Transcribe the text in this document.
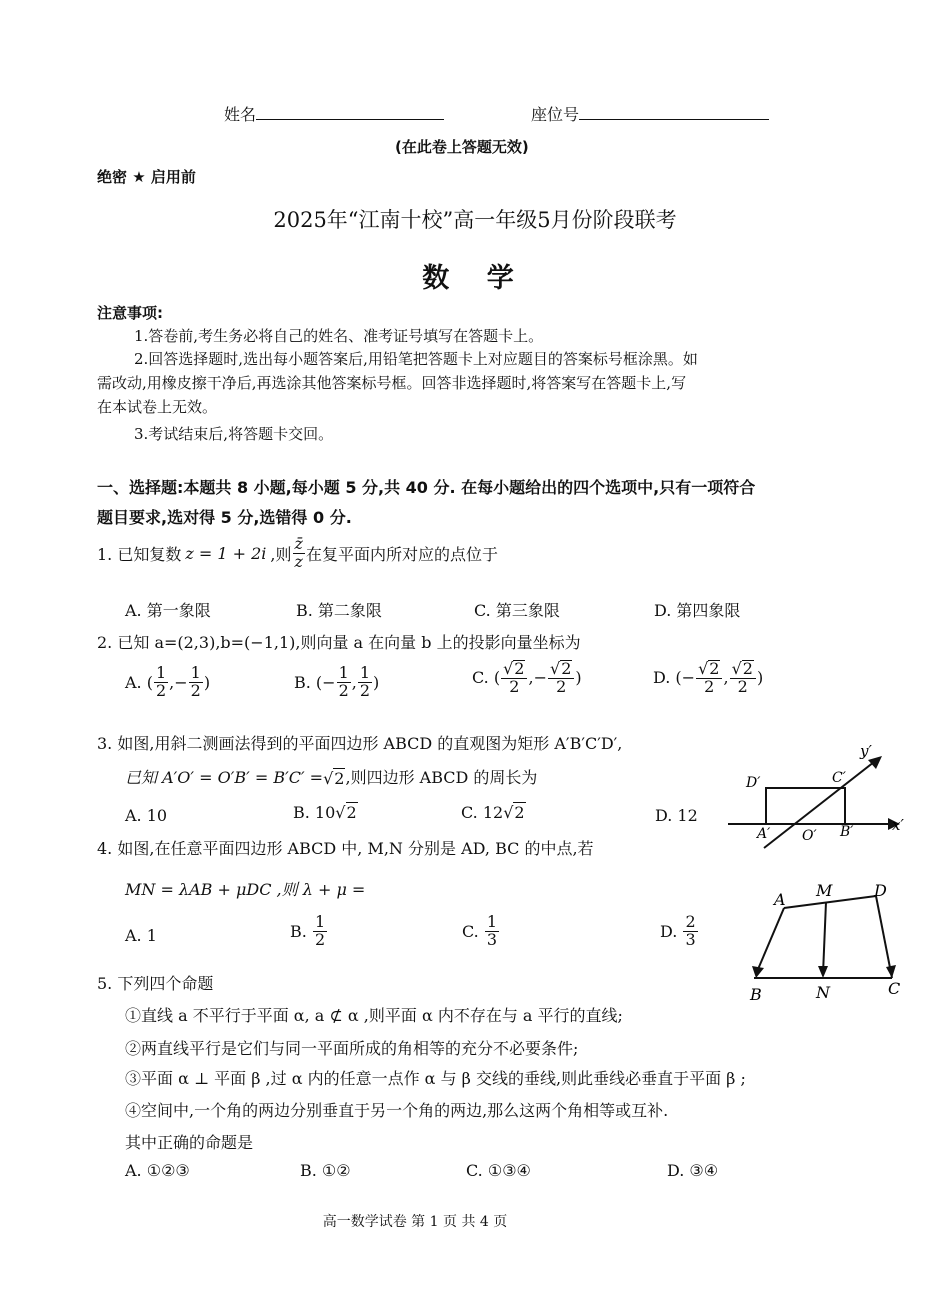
姓名	座位号
(在此卷上答题无效)
绝密 ★ 启用前
2025年“江南十校”高一年级5月份阶段联考
数 学
注意事项:
1.答卷前,考生务必将自己的姓名、准考证号填写在答题卡上。
2.回答选择题时,选出每小题答案后,用铅笔把答题卡上对应题目的答案标号框涂黑。如
需改动,用橡皮擦干净后,再选涂其他答案标号框。回答非选择题时,将答案写在答题卡上,写
在本试卷上无效。
3.考试结束后,将答题卡交回。
一、选择题:本题共 8 小题,每小题 5 分,共 40 分. 在每小题给出的四个选项中,只有一项符合
题目要求,选对得 5 分,选错得 0 分.
1. 已知复数 z = 1 + 2i ,则 $\frac{z̄}{z}$ 在复平面内所对应的点位于
A. 第一象限	B. 第二象限	C. 第三象限	D. 第四象限
2. 已知 a=(2,3),b=(−1,1),则向量 a 在向量 b 上的投影向量坐标为
A. ( $\frac{1}{2}$ , − $\frac{1}{2}$ )	B. ( − $\frac{1}{2}$ , $\frac{1}{2}$ )	C. ( $\frac{√ 2}{2}$ , − $\frac{√ 2}{2}$ )	D. ( − $\frac{√ 2}{2}$ , $\frac{√ 2}{2}$ )
3. 如图,用斜二测画法得到的平面四边形 ABCD 的直观图为矩形 A′B′C′D′,
已知 A′O′ = O′B′ = B′C′ = √ 2 ,则四边形 ABCD 的周长为
A. 10	B. 10 √ 2	C. 12 √ 2	D. 12
y′
x′
D′	C′
A′ O′ B′
4. 如图,在任意平面四边形 ABCD 中, M,N 分别是 AD, BC 的中点,若
MN = λAB + μDC ,则 λ + μ =
A. 1	B.
$\frac{1}{2}$	C.
$\frac{1}{3}$	D.
$\frac{2}{3}$
A M	D
B	N	C
5. 下列四个命题
①直线 a 不平行于平面 α, a ⊄ α ,则平面 α 内不存在与 a 平行的直线;
②两直线平行是它们与同一平面所成的角相等的充分不必要条件;
③平面 α ⊥ 平面 β ,过 α 内的任意一点作 α 与 β 交线的垂线,则此垂线必垂直于平面 β ;
④空间中,一个角的两边分别垂直于另一个角的两边,那么这两个角相等或互补.
其中正确的命题是
A. ①②③	B. ①②	C. ①③④	D. ③④
高一数学试卷 第 1 页 共 4 页
